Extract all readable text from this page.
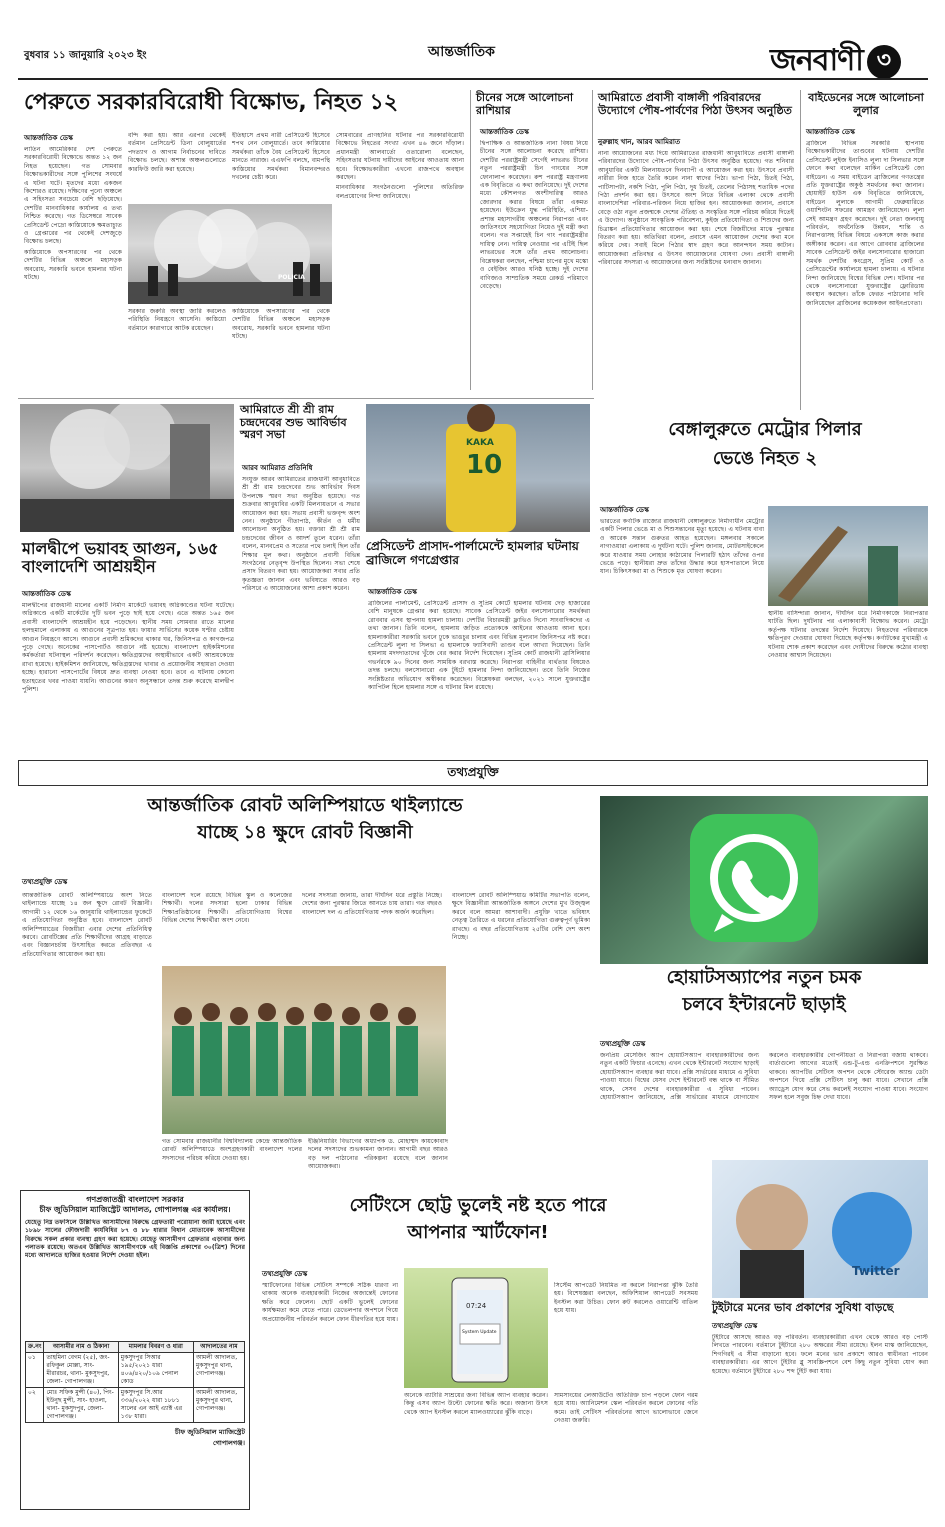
বুধবার ১১ জানুয়ারি ২০২৩ ইং	আন্তর্জাতিক	জনবাণী ৩
পেরুতে সরকারবিরোধী বিক্ষোভ, নিহত ১২
আন্তর্জাতিক ডেস্ক

লাতিন আমেরিকার দেশ পেরুতে সরকারবিরোধী বিক্ষোভে অন্তত ১২ জন নিহত হয়েছেন। গত সোমবার বিক্ষোভকারীদের সঙ্গে পুলিশের সংঘর্ষে এ ঘটনা ঘটে। মৃতদের মধ্যে একজন কিশোরও রয়েছে। দক্ষিণের পুনো অঞ্চলে এ সহিংসতা সবচেয়ে বেশি ছড়িয়েছে। দেশটির মানবাধিকার কার্যালয় এ তথ্য নিশ্চিত করেছে। গত ডিসেম্বরে সাবেক প্রেসিডেন্ট পেদ্রো কাস্তিয়োকে ক্ষমতাচ্যুত ও গ্রেপ্তারের পর থেকেই দেশজুড়ে বিক্ষোভ চলছে।

কাস্তিয়োকে অপসারণের পর থেকে দেশটির বিভিন্ন অঞ্চলে মহাসড়ক অবরোধ, সরকারি ভবনে হামলার ঘটনা ঘটছে।

বন্দি করা হয়। আর এরপর থেকেই বর্তমান প্রেসিডেন্ট ডিনা বোলুয়ার্তের পদত্যাগ ও আগাম নির্বাচনের দাবিতে বিক্ষোভ চলছে। অশান্ত অঞ্চলগুলোতে কারফিউ জারি করা হয়েছে।

ইতিহাসে প্রথম নারী প্রেসিডেন্ট হিসেবে শপথ নেন বোলুয়ার্তে। তবে কাস্তিয়োর সমর্থকরা তাঁকে বৈধ প্রেসিডেন্ট হিসেবে মানতে নারাজ। এএফপি বলছে, বামপন্থি কাস্তিয়োর সমর্থকরা বিমানবন্দরও দখলের চেষ্টা করে।

সোমবারের প্রাণহানির ঘটনার পর সরকারবিরোধী বিক্ষোভে নিহতের সংখ্যা এখন ৪৬ জনে দাঁড়াল। প্রধানমন্ত্রী আলবার্তো ওতারোলা বলেছেন, সহিংসতার ঘটনায় দায়ীদের আইনের আওতায় আনা হবে। বিক্ষোভকারীরা এখনো রাজপথে অবস্থান করছেন।

মানবাধিকার সংগঠনগুলো পুলিশের অতিরিক্ত বলপ্রয়োগের নিন্দা জানিয়েছে।

POLICIA

সরকার জরুরি অবস্থা জারি করলেও পরিস্থিতি নিয়ন্ত্রণে আসেনি। কাস্তিয়ো বর্তমানে কারাগারে আটক রয়েছেন।

কাস্তিয়োকে অপসারণের পর থেকে দেশটির বিভিন্ন অঞ্চলে মহাসড়ক অবরোধ, সরকারি ভবনে হামলার ঘটনা ঘটছে।

চীনের সঙ্গে আলোচনা রাশিয়ার
আন্তর্জাতিক ডেস্ক
দ্বিপাক্ষিক ও আন্তর্জাতিক নানা বিষয় নিয়ে চীনের সঙ্গে আলোচনা করেছে রাশিয়া। দেশটির পররাষ্ট্রমন্ত্রী সের্গেই লাভরভ চীনের নতুন পররাষ্ট্রমন্ত্রী চিন গাংয়ের সঙ্গে ফোনালাপ করেছেন। রুশ পররাষ্ট্র মন্ত্রণালয় এক বিবৃতিতে এ কথা জানিয়েছে। দুই দেশের মধ্যে কৌশলগত অংশীদারিত্ব আরও জোরদার করার বিষয়ে তাঁরা একমত হয়েছেন। ইউক্রেন যুদ্ধ পরিস্থিতি, এশিয়া-প্রশান্ত মহাসাগরীয় অঞ্চলের নিরাপত্তা এবং জাতিসংঘে সহযোগিতা নিয়েও দুই মন্ত্রী কথা বলেন। গত সপ্তাহেই চিন গাং পররাষ্ট্রমন্ত্রীর দায়িত্ব নেন। দায়িত্ব নেওয়ার পর এটিই ছিল লাভরভের সঙ্গে তাঁর প্রথম আলোচনা। বিশ্লেষকরা বলছেন, পশ্চিমা চাপের মুখে মস্কো ও বেইজিং আরও ঘনিষ্ঠ হচ্ছে। দুই দেশের বাণিজ্যও সাম্প্রতিক সময়ে রেকর্ড পরিমাণে বেড়েছে।
আমিরাতে প্রবাসী বাঙ্গালী পরিবারদের উদ্যোগে পৌষ-পার্বণের পিঠা উৎসব অনুষ্ঠিত
নুরুল্লাহ খান, আরব আমিরাত
নানা আয়োজনের মধ্য দিয়ে আমিরাতের রাজধানী আবুধাবিতে প্রবাসী বাঙ্গালী পরিবারদের উদ্যোগে পৌষ-পার্বণের পিঠা উৎসব অনুষ্ঠিত হয়েছে। গত শনিবার আবুধাবির একটি মিলনায়তনে দিনব্যাপী এ আয়োজন করা হয়। উৎসবে প্রবাসী নারীরা নিজ হাতে তৈরি করেন নানা স্বাদের পিঠা। ভাপা পিঠা, চিতই পিঠা, পাটিসাপটা, নকশি পিঠা, পুলি পিঠা, দুধ চিতই, তেলের পিঠাসহ শতাধিক পদের পিঠা প্রদর্শন করা হয়। উৎসবে অংশ নিতে বিভিন্ন এলাকা থেকে প্রবাসী বাংলাদেশিরা পরিবার-পরিজন নিয়ে হাজির হন। আয়োজকরা জানান, প্রবাসে বেড়ে ওঠা নতুন প্রজন্মকে দেশের ঐতিহ্য ও সংস্কৃতির সঙ্গে পরিচয় করিয়ে দিতেই এ উদ্যোগ। অনুষ্ঠানে সাংস্কৃতিক পরিবেশনা, কুইজ প্রতিযোগিতা ও শিশুদের জন্য চিত্রাঙ্কন প্রতিযোগিতার আয়োজন করা হয়। শেষে বিজয়ীদের মাঝে পুরস্কার বিতরণ করা হয়। অতিথিরা বলেন, প্রবাসে এমন আয়োজন দেশের কথা মনে করিয়ে দেয়। সবাই মিলে পিঠার স্বাদ গ্রহণ করে আনন্দঘন সময় কাটান। আয়োজকরা প্রতিবছর এ উৎসব আয়োজনের ঘোষণা দেন। প্রবাসী বাঙ্গালী পরিবারের সদস্যরা এ আয়োজনের জন্য সংশ্লিষ্টদের ধন্যবাদ জানান।
বাইডেনের সঙ্গে আলোচনা লুলার
আন্তর্জাতিক ডেস্ক
ব্রাজিলে বিভিন্ন সরকারি স্থাপনায় বিক্ষোভকারীদের তাণ্ডবের ঘটনায় দেশটির প্রেসিডেন্ট লুইজ ইনাসিও লুলা দা সিলভার সঙ্গে ফোনে কথা বলেছেন মার্কিন প্রেসিডেন্ট জো বাইডেন। এ সময় বাইডেন ব্রাজিলের গণতন্ত্রের প্রতি যুক্তরাষ্ট্রের অকুণ্ঠ সমর্থনের কথা জানান। হোয়াইট হাউস এক বিবৃতিতে জানিয়েছে, বাইডেন লুলাকে আগামী ফেব্রুয়ারিতে ওয়াশিংটন সফরের আমন্ত্রণ জানিয়েছেন। লুলা সেই আমন্ত্রণ গ্রহণ করেছেন। দুই নেতা জলবায়ু পরিবর্তন, অর্থনৈতিক উন্নয়ন, শান্তি ও নিরাপত্তাসহ বিভিন্ন বিষয়ে একসঙ্গে কাজ করার অঙ্গীকার করেন। এর আগে রোববার ব্রাজিলের সাবেক প্রেসিডেন্ট জইর বলসোনারোর হাজারো সমর্থক দেশটির কংগ্রেস, সুপ্রিম কোর্ট ও প্রেসিডেন্টের কার্যালয়ে হামলা চালায়। এ ঘটনার নিন্দা জানিয়েছে বিশ্বের বিভিন্ন দেশ। ঘটনার পর থেকে বলসোনারো যুক্তরাষ্ট্রের ফ্লোরিডায় অবস্থান করছেন। তাঁকে ফেরত পাঠানোর দাবি জানিয়েছেন ব্রাজিলের কয়েকজন আইনপ্রণেতা।
মালদ্বীপে ভয়াবহ আগুন, ১৬৫ বাংলাদেশি আশ্রয়হীন
আন্তর্জাতিক ডেস্ক
মালদ্বীপের রাজধানী মালের একটি নির্মাণ মার্কেটে ভয়াবহ অগ্নিকাণ্ডের ঘটনা ঘটেছে। অগ্নিকাণ্ডে একটি মার্কেটের দুটি ভবন পুড়ে ছাই হয়ে গেছে। এতে অন্তত ১৬৫ জন প্রবাসী বাংলাদেশি আশ্রয়হীন হয়ে পড়েছেন। স্থানীয় সময় সোমবার রাতে মালের হুলহুমালে এলাকায় এ আগুনের সূত্রপাত হয়। ফায়ার সার্ভিসের কয়েক ঘণ্টার চেষ্টায় আগুন নিয়ন্ত্রণে আসে। আগুনে প্রবাসী শ্রমিকদের থাকার ঘর, জিনিসপত্র ও কাগজপত্র পুড়ে গেছে। অনেকের পাসপোর্টও আগুনে নষ্ট হয়েছে। বাংলাদেশ হাইকমিশনের কর্মকর্তারা ঘটনাস্থল পরিদর্শন করেছেন। ক্ষতিগ্রস্তদের অস্থায়ীভাবে একটি আশ্রয়কেন্দ্রে রাখা হয়েছে। হাইকমিশন জানিয়েছে, ক্ষতিগ্রস্তদের খাবার ও প্রয়োজনীয় সহায়তা দেওয়া হচ্ছে। হারানো পাসপোর্টের বিষয়ে দ্রুত ব্যবস্থা নেওয়া হবে। তবে এ ঘটনায় কোনো হতাহতের খবর পাওয়া যায়নি। আগুনের কারণ অনুসন্ধানে তদন্ত শুরু করেছে মালদ্বীপ পুলিশ।
আমিরাতে শ্রী শ্রী রাম চন্দ্রদেবের শুভ আবির্ভাব স্মরণ সভা
আরব আমিরাত প্রতিনিধি
সংযুক্ত আরব আমিরাতের রাজধানী আবুধাবিতে শ্রী শ্রী রাম চন্দ্রদেবের শুভ আবির্ভাব দিবস উপলক্ষে স্মরণ সভা অনুষ্ঠিত হয়েছে। গত শুক্রবার আবুধাবির একটি মিলনায়তনে এ সভার আয়োজন করা হয়। সভায় প্রবাসী ভক্তবৃন্দ অংশ নেন। অনুষ্ঠানে গীতাপাঠ, কীর্তন ও ধর্মীয় আলোচনা অনুষ্ঠিত হয়। বক্তারা শ্রী শ্রী রাম চন্দ্রদেবের জীবন ও আদর্শ তুলে ধরেন। তাঁরা বলেন, মানবপ্রেম ও সত্যের পথে চলাই ছিল তাঁর শিক্ষার মূল কথা। অনুষ্ঠানে প্রবাসী বিভিন্ন সংগঠনের নেতৃবৃন্দ উপস্থিত ছিলেন। সভা শেষে প্রসাদ বিতরণ করা হয়। আয়োজকরা সবার প্রতি কৃতজ্ঞতা জানান এবং ভবিষ্যতে আরও বড় পরিসরে এ আয়োজনের আশা প্রকাশ করেন।
KAKA
10
প্রেসিডেন্ট প্রাসাদ-পার্লামেন্টে হামলার ঘটনায় ব্রাজিলে গণগ্রেপ্তার
আন্তর্জাতিক ডেস্ক
ব্রাজিলের পার্লামেন্ট, প্রেসিডেন্ট প্রাসাদ ও সুপ্রিম কোর্টে হামলার ঘটনায় দেড় হাজারের বেশি মানুষকে গ্রেপ্তার করা হয়েছে। সাবেক প্রেসিডেন্ট জইর বলসোনারোর সমর্থকরা রোববার এসব স্থাপনায় হামলা চালায়। দেশটির বিচারমন্ত্রী ফ্লাভিও দিনো সাংবাদিকদের এ তথ্য জানান। তিনি বলেন, হামলায় জড়িত প্রত্যেককে আইনের আওতায় আনা হবে। হামলাকারীরা সরকারি ভবনে ঢুকে ভাঙচুর চালায় এবং বিভিন্ন মূল্যবান জিনিসপত্র নষ্ট করে। প্রেসিডেন্ট লুলা দা সিলভা এ হামলাকে ফ্যাসিবাদী তাণ্ডব বলে আখ্যা দিয়েছেন। তিনি হামলায় মদদদাতাদের খুঁজে বের করার নির্দেশ দিয়েছেন। সুপ্রিম কোর্ট রাজধানী ব্রাসিলিয়ার গভর্নরকে ৯০ দিনের জন্য সাময়িক বরখাস্ত করেছে। নিরাপত্তা বাহিনীর ব্যর্থতার বিষয়েও তদন্ত চলছে। বলসোনারো এক টুইটে হামলার নিন্দা জানিয়েছেন। তবে তিনি নিজের সংশ্লিষ্টতার অভিযোগ অস্বীকার করেছেন। বিশ্লেষকরা বলছেন, ২০২১ সালে যুক্তরাষ্ট্রের ক্যাপিটল হিলে হামলার সঙ্গে এ ঘটনার মিল রয়েছে।
বেঙ্গালুরুতে মেট্রোর পিলার
ভেঙে নিহত ২
আন্তর্জাতিক ডেস্ক
ভারতের কর্ণাটক রাজ্যের রাজধানী বেঙ্গালুরুতে নির্মাণাধীন মেট্রোর একটি পিলার ভেঙে মা ও শিশুসন্তানের মৃত্যু হয়েছে। এ ঘটনায় বাবা ও আরেক সন্তান গুরুতর আহত হয়েছেন। মঙ্গলবার সকালে নাগাওয়ারা এলাকায় এ দুর্ঘটনা ঘটে। পুলিশ জানায়, মোটরসাইকেলে করে যাওয়ার সময় লোহার কাঠামোর পিলারটি হঠাৎ তাঁদের ওপর ভেঙে পড়ে। স্থানীয়রা দ্রুত তাঁদের উদ্ধার করে হাসপাতালে নিয়ে যান। চিকিৎসকরা মা ও শিশুকে মৃত ঘোষণা করেন।
স্থানীয় বাসিন্দারা জানান, দীর্ঘদিন ধরে নির্মাণকাজে নিরাপত্তার ঘাটতি ছিল। দুর্ঘটনার পর এলাকাবাসী বিক্ষোভ করেন। মেট্রো কর্তৃপক্ষ ঘটনার তদন্তের নির্দেশ দিয়েছে। নিহতদের পরিবারকে ক্ষতিপূরণ দেওয়ার ঘোষণা দিয়েছে কর্তৃপক্ষ। কর্ণাটকের মুখ্যমন্ত্রী এ ঘটনায় শোক প্রকাশ করেছেন এবং দোষীদের বিরুদ্ধে কঠোর ব্যবস্থা নেওয়ার আশ্বাস দিয়েছেন।
তথ্যপ্রযুক্তি
আন্তর্জাতিক রোবট অলিম্পিয়াডে থাইল্যান্ডে
যাচ্ছে ১৪ ক্ষুদে রোবট বিজ্ঞানী
তথ্যপ্রযুক্তি ডেস্ক
আন্তর্জাতিক রোবট অলিম্পিয়াডে অংশ নিতে থাইল্যান্ডে যাচ্ছে ১৪ জন ক্ষুদে রোবট বিজ্ঞানী। আগামী ১২ থেকে ১৬ জানুয়ারি থাইল্যান্ডের ফুকেটে এ প্রতিযোগিতা অনুষ্ঠিত হবে। বাংলাদেশ রোবট অলিম্পিয়াডের বিজয়ীরা এবার দেশের প্রতিনিধিত্ব করবে। রোবটিক্সের প্রতি শিক্ষার্থীদের আগ্রহ বাড়াতে এবং বিজ্ঞানচর্চায় উৎসাহিত করতে প্রতিবছর এ প্রতিযোগিতার আয়োজন করা হয়।
বাংলাদেশ দলে রয়েছে বিভিন্ন স্কুল ও কলেজের শিক্ষার্থী। দলের সদস্যরা হলো ঢাকার বিভিন্ন শিক্ষাপ্রতিষ্ঠানের শিক্ষার্থী। প্রতিযোগিতায় বিশ্বের বিভিন্ন দেশের শিক্ষার্থীরা অংশ নেবে।
দলের সদস্যরা জানায়, তারা দীর্ঘদিন ধরে প্রস্তুতি নিচ্ছে। দেশের জন্য পুরস্কার জিতে আনতে চায় তারা। গত বছরও বাংলাদেশ দল এ প্রতিযোগিতায় পদক অর্জন করেছিল।
বাংলাদেশ রোবট অলিম্পিয়াড কমিটির সভাপতি বলেন, ক্ষুদে বিজ্ঞানীরা আন্তর্জাতিক অঙ্গনে দেশের মুখ উজ্জ্বল করবে বলে আমরা আশাবাদী। প্রযুক্তি খাতে ভবিষ্যৎ নেতৃত্ব তৈরিতে এ ধরনের প্রতিযোগিতা গুরুত্বপূর্ণ ভূমিকা রাখছে। এ বছর প্রতিযোগিতায় ২৫টির বেশি দেশ অংশ নিচ্ছে।
গত সোমবার রাজধানীর বিশ্ববিদ্যালয় কেন্দ্রে আন্তর্জাতিক রোবট অলিম্পিয়াডে অংশগ্রহণকারী বাংলাদেশ দলের সদস্যদের পরিচয় করিয়ে দেওয়া হয়।
ইঞ্জিনিয়ারিং বিভাগের অধ্যাপক ড. মোহাম্মদ কায়কোবাদ দলের সদস্যদের শুভকামনা জানান। আগামী বছর আরও বড় দল পাঠানোর পরিকল্পনা রয়েছে বলে জানান আয়োজকরা।
হোয়াটসঅ্যাপের নতুন চমক
চলবে ইন্টারনেট ছাড়াই
তথ্যপ্রযুক্তি ডেস্ক
জনপ্রিয় মেসেজিং অ্যাপ হোয়াটসঅ্যাপ ব্যবহারকারীদের জন্য নতুন একটি ফিচার এনেছে। এখন থেকে ইন্টারনেট সংযোগ ছাড়াই হোয়াটসঅ্যাপ ব্যবহার করা যাবে। প্রক্সি সার্ভারের মাধ্যমে এ সুবিধা পাওয়া যাবে। বিশ্বের যেসব দেশে ইন্টারনেট বন্ধ থাকে বা সীমিত থাকে, সেসব দেশের ব্যবহারকারীরা এ সুবিধা পাবেন। হোয়াটসঅ্যাপ জানিয়েছে, প্রক্সি সার্ভারের মাধ্যমে যোগাযোগ করলেও ব্যবহারকারীর গোপনীয়তা ও নিরাপত্তা বজায় থাকবে। বার্তাগুলো আগের মতোই এন্ড-টু-এন্ড এনক্রিপশনে সুরক্ষিত থাকবে। অ্যাপটির সেটিংস অপশন থেকে স্টোরেজ অ্যান্ড ডেটা অপশনে গিয়ে প্রক্সি সেটিংস চালু করা যাবে। সেখানে প্রক্সি অ্যাড্রেস যোগ করে সেভ করলেই সংযোগ পাওয়া যাবে। সংযোগ সফল হলে সবুজ চিহ্ন দেখা যাবে।
গণপ্রজাতন্ত্রী বাংলাদেশ সরকার
চীফ জুডিসিয়াল ম্যাজিস্ট্রেট আদালত, গোপালগঞ্জ এর কার্যালয়।
যেহেতু নিম্ন তফসিলে উল্লিখিত আসামীদের বিরুদ্ধে গ্রেফতারী পরোয়ানা জারী হয়েছে এবং ১৮৯৮ সালের ফৌজদারী কার্যবিধির ৮৭ ও ৮৮ ধারার বিধান মোতাবেক আসামীদের বিরুদ্ধে সকল প্রকার ব্যবস্থা গ্রহণ করা হয়েছে। যেহেতু আসামীগণ গ্রেফতার এড়াবার জন্য পলাতক রয়েছে। অতএব উল্লিখিত আসামীগণকে এই বিজ্ঞপ্তি প্রকাশের ৩০(ত্রিশ) দিনের মধ্যে আদালতে হাজির হওয়ার নির্দেশ দেওয়া হইল।
ক্র.নং	আসামীর নাম ও ঠিকানা	মামলার বিবরণ ও ধারা	আদালতের নাম
০১	তাহমিনা বেগম (২৫), জং- রফিকুল মোল্লা, সাং- মীরারচর, থানা- মুকসুদপুর, জেলা- গোপালগঞ্জ।	মুকসুদপুর সিআর ১৯৫/২০২১ ধারা ৪০৬/৪২০/১০৯ পেনাল কোড	আমলী আদালত, মুকসুদপুর থানা, গোপালগঞ্জ।
০২	মোঃ সফিক মুন্সী (৪০), পিং- ইউনুছ মুন্সী, সাং- হাওলা, থানা- মুকসুদপুর, জেলা- গোপালগঞ্জ।	মুকসুদপুর সি.আর ৩৩৬/২০২২ ধারা ১৮৮১ সালের এন আই এ্যাক্ট এর ১৩৮ ধারা।	আমলী আদালত, মুকসুদপুর থানা, গোপালগঞ্জ।
চীফ জুডিসিয়াল ম্যাজিস্ট্রেট
গোপালগঞ্জ।
সেটিংসে ছোট্ট ভুলেই নষ্ট হতে পারে
আপনার স্মার্টফোন!
তথ্যপ্রযুক্তি ডেস্ক
স্মার্টফোনের বিভিন্ন সেটিংস সম্পর্কে সঠিক ধারণা না থাকায় অনেক ব্যবহারকারী নিজের অজান্তেই ফোনের ক্ষতি করে ফেলেন। ছোট একটি ভুলেই ফোনের কার্যক্ষমতা কমে যেতে পারে। ডেভেলপার অপশনে গিয়ে অপ্রয়োজনীয় পরিবর্তন করলে ফোন ধীরগতির হয়ে যায়।
07:24
System Update
অনেকে ব্যাটারি সাশ্রয়ের জন্য বিভিন্ন অ্যাপ ব্যবহার করেন। কিন্তু এসব অ্যাপ উল্টো ফোনের ক্ষতি করে। অজানা উৎস থেকে অ্যাপ ইনস্টল করলে ম্যালওয়্যারের ঝুঁকি বাড়ে।
সিস্টেম আপডেট নিয়মিত না করলে নিরাপত্তা ঝুঁকি তৈরি হয়। বিশেষজ্ঞরা বলছেন, অফিশিয়াল আপডেট সবসময় ইনস্টল করা উচিত। ফোন রুট করলেও ওয়ারেন্টি বাতিল হয়ে যায়।
সামসাংয়ের লেআউটেও অতিরিক্ত চাপ পড়লে ফোন গরম হয়ে যায়। অ্যানিমেশন স্কেল পরিবর্তন করলে ফোনের গতি কমে। তাই সেটিংস পরিবর্তনের আগে ভালোভাবে জেনে নেওয়া জরুরি।
Twitter
টুইটারে মনের ভাব প্রকাশের সুবিধা বাড়ছে
তথ্যপ্রযুক্তি ডেস্ক
টুইটারে আসছে আরও বড় পরিবর্তন। ব্যবহারকারীরা এখন থেকে আরও বড় পোস্ট লিখতে পারবেন। বর্তমানে টুইটারে ২৮০ অক্ষরের সীমা রয়েছে। ইলন মাস্ক জানিয়েছেন, শিগগিরই এ সীমা বাড়ানো হবে। ফলে মনের ভাব প্রকাশে আরও স্বাধীনতা পাবেন ব্যবহারকারীরা। এর আগে টুইটার ব্লু সাবস্ক্রিপশনে বেশ কিছু নতুন সুবিধা যোগ করা হয়েছে। বর্তমানে টুইটারে ২৮০ শব্দ টুইট করা যায়।
